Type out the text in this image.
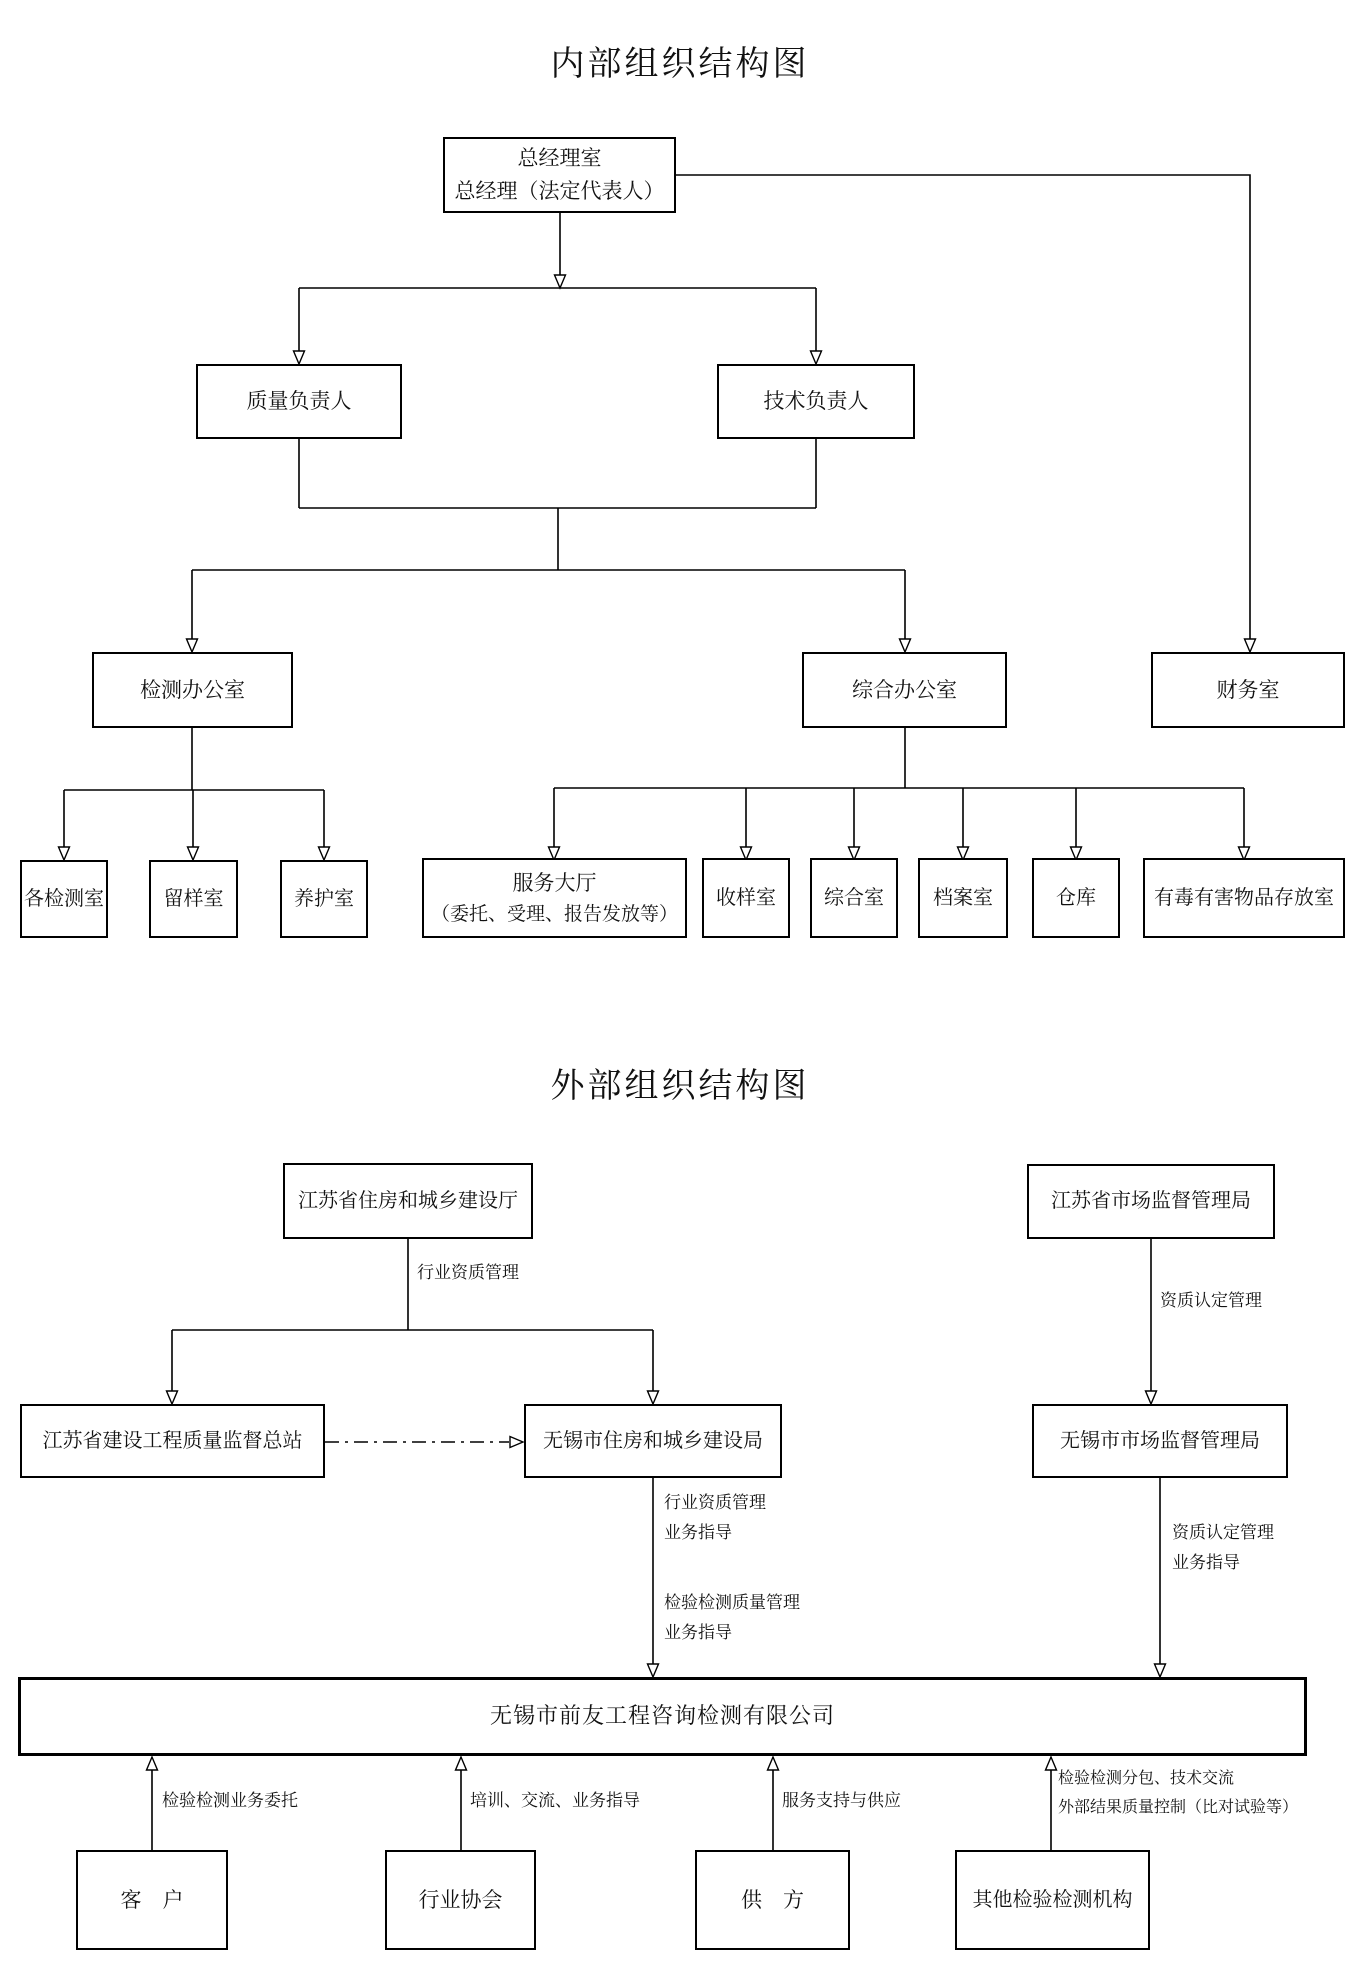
内部组织结构图
总经理室
总经理（法定代表人）
质量负责人	技术负责人
检测办公室	综合办公室	财务室
各检测室	留样室	养护室
服务大厅
（委托、受理、报告发放等）
收样室	综合室	档案室	仓库	有毒有害物品存放室
外部组织结构图
江苏省住房和城乡建设厅	江苏省市场监督管理局
行业资质管理
资质认定管理
江苏省建设工程质量监督总站	无锡市住房和城乡建设局	无锡市市场监督管理局
行业资质管理
业务指导
检验检测质量管理
业务指导
资质认定管理
业务指导
无锡市前友工程咨询检测有限公司
检验检测业务委托	培训、交流、业务指导	服务支持与供应
检验检测分包、技术交流
外部结果质量控制（比对试验等）
客　户	行业协会	供　方	其他检验检测机构
